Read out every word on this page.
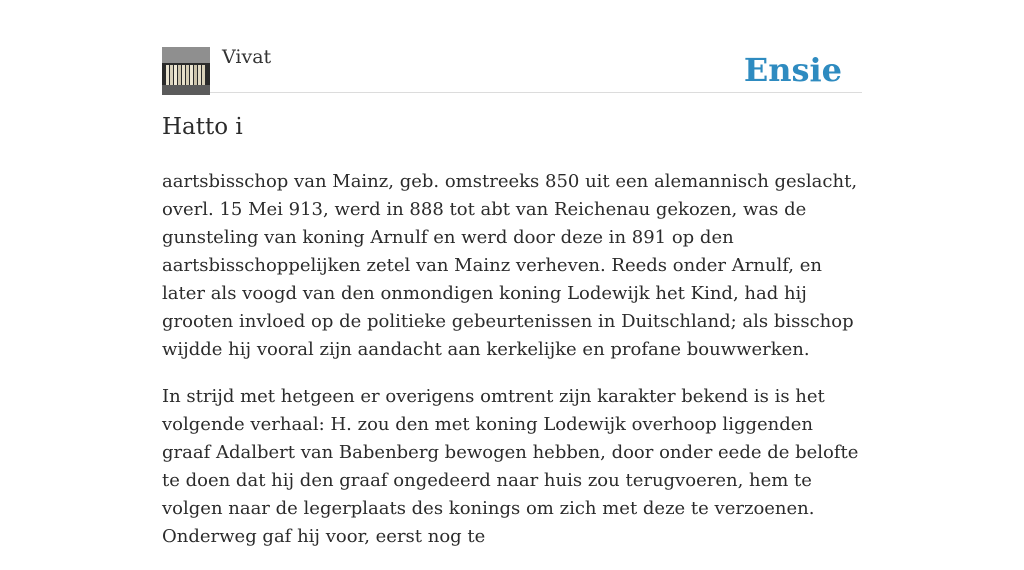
Vivat	Ensie
Hatto i

aartsbisschop van Mainz, geb. omstreeks 850 uit een alemannisch geslacht, overl. 15 Mei 913, werd in 888 tot abt van Reichenau gekozen, was de gunsteling van koning Arnulf en werd door deze in 891 op den aartsbisschoppelijken zetel van Mainz verheven. Reeds onder Arnulf, en later als voogd van den onmondigen koning Lodewijk het Kind, had hij grooten invloed op de politieke gebeurtenissen in Duitschland; als bisschop wijdde hij vooral zijn aandacht aan kerkelijke en profane bouwwerken.

In strijd met hetgeen er overigens omtrent zijn karakter bekend is is het volgende verhaal: H. zou den met koning Lodewijk overhoop liggenden graaf Adalbert van Babenberg bewogen hebben, door onder eede de belofte te doen dat hij den graaf ongedeerd naar huis zou terugvoeren, hem te volgen naar de legerplaats des konings om zich met deze te verzoenen. Onderweg gaf hij voor, eerst nog te
